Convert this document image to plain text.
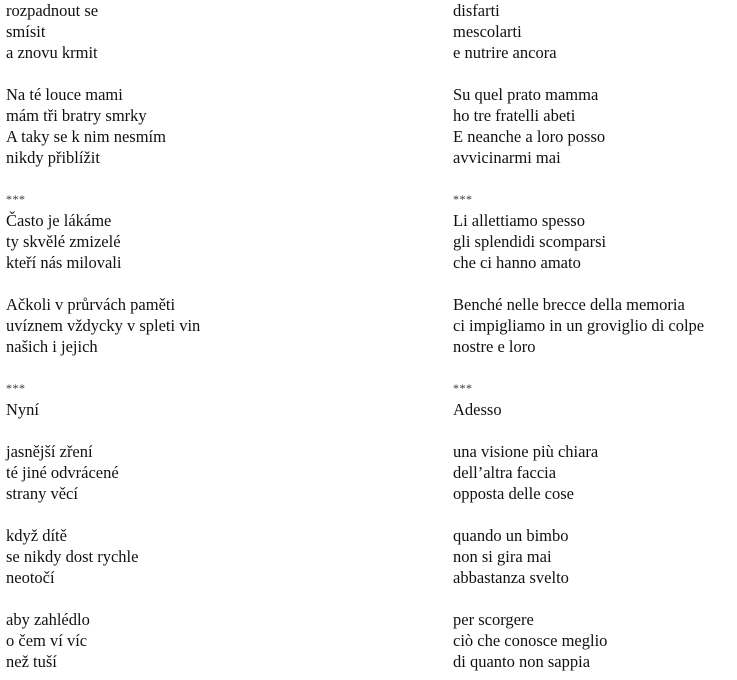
rozpadnout se
smísit
a znovu krmit
Na té louce mami
mám tři bratry smrky
A taky se k nim nesmím
nikdy přiblížit
***
Často je lákáme
ty skvělé zmizelé
kteří nás milovali
Ačkoli v průrvách paměti
uvíznem vždycky v spleti vin
našich i jejich
***
Nyní
jasnější zření
té jiné odvrácené
strany věcí
když dítě
se nikdy dost rychle
neotočí
aby zahlédlo
o čem ví víc
než tuší
disfarti
mescolarti
e nutrire ancora
Su quel prato mamma
ho tre fratelli abeti
E neanche a loro posso
avvicinarmi mai
***
Li allettiamo spesso
gli splendidi scomparsi
che ci hanno amato
Benché nelle brecce della memoria
ci impigliamo in un groviglio di colpe
nostre e loro
***
Adesso
una visione più chiara
dell’altra faccia
opposta delle cose
quando un bimbo
non si gira mai
abbastanza svelto
per scorgere
ciò che conosce meglio
di quanto non sappia
